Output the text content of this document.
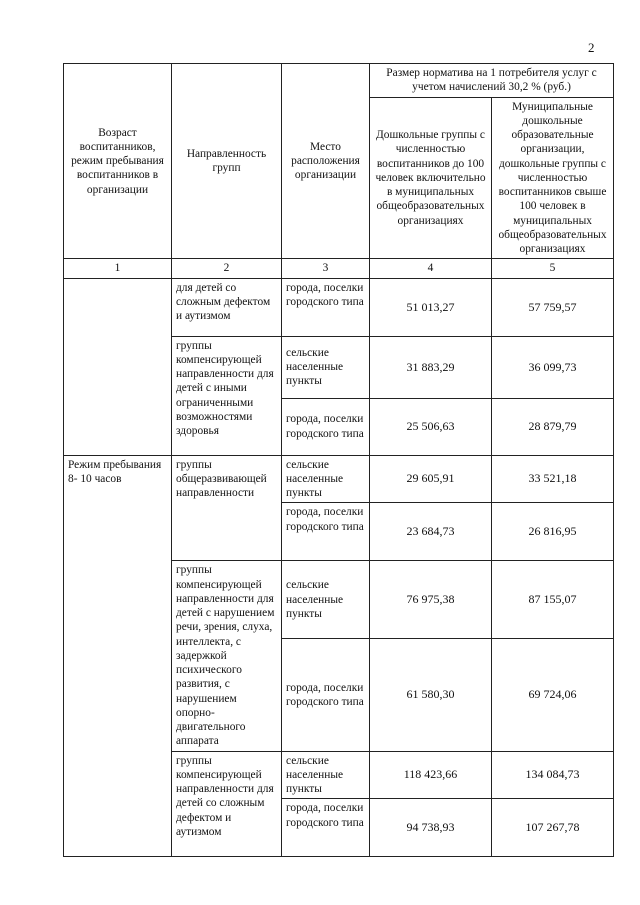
2
Возраст воспитанников, режим пребывания воспитанников в организации	Направленность групп	Место расположения организации	Размер норматива на 1 потребителя услуг с учетом начислений 30,2 % (руб.)	
			Дошкольные группы с численностью воспитанников до 100 человек включительно в муниципальных общеобразовательных организациях	Муниципальные дошкольные образовательные организации, дошкольные группы с численностью воспитанников свыше 100 человек в муниципальных общеобразовательных организациях
1	2	3	4	5
	для детей со сложным дефектом и аутизмом	города, поселки городского типа	51 013,27	57 759,57
	группы компенсирующей направленности для детей с иными ограниченными возможностями здоровья	сельские населенные пункты	31 883,29	36 099,73
		города, поселки городского типа	25 506,63	28 879,79
Режим пребывания 8- 10 часов	группы общеразвивающей направленности	сельские населенные пункты	29 605,91	33 521,18
		города, поселки городского типа	23 684,73	26 816,95
	группы компенсирующей направленности для детей с нарушением речи, зрения, слуха, интеллекта, с задержкой психического развития, с нарушением опорно-двигательного аппарата	сельские населенные пункты	76 975,38	87 155,07
		города, поселки городского типа	61 580,30	69 724,06
	группы компенсирующей направленности для детей со сложным дефектом и аутизмом	сельские населенные пункты	118 423,66	134 084,73
		города, поселки городского типа	94 738,93	107 267,78
